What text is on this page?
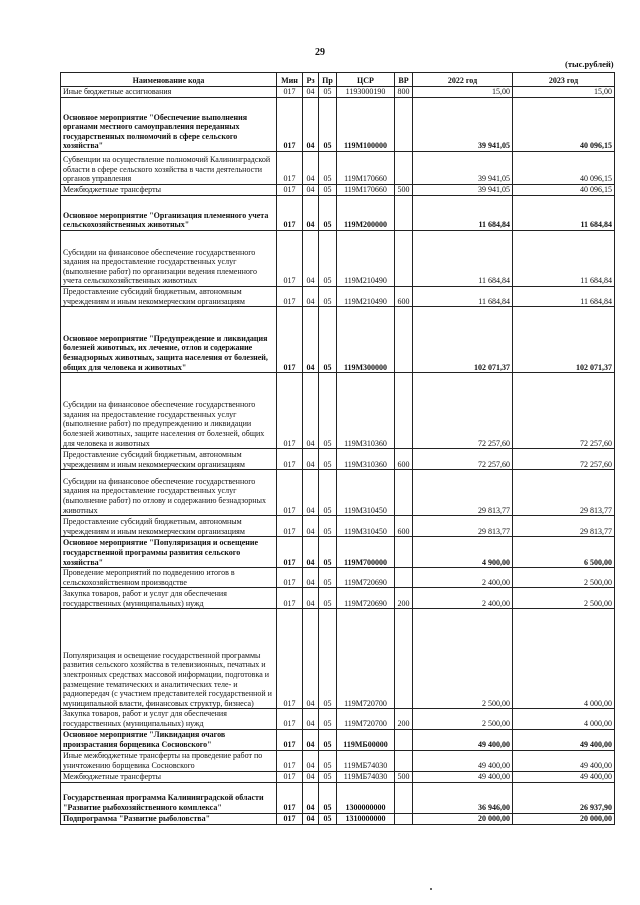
29
(тыс.рублей)
Наименование кода	Мин	Рз	Пр	ЦСР	ВР	2022 год	2023 год
Иные бюджетные ассигнования	017	04	05	1193000190	800	15,00	15,00
Основное мероприятие "Обеспечение выполнения органами местного самоуправления переданных государственных полномочий в сфере сельского хозяйства"	017	04	05	119М100000		39 941,05	40 096,15
Субвенции на осуществление полномочий Калининградской области в сфере сельского хозяйства в части деятельности органов управления	017	04	05	119М170660		39 941,05	40 096,15
Межбюджетные трансферты	017	04	05	119М170660	500	39 941,05	40 096,15
Основное мероприятие "Организация племенного учета сельскохозяйственных животных"	017	04	05	119М200000		11 684,84	11 684,84
Субсидии на финансовое обеспечение государственного задания на предоставление государственных услуг (выполнение работ) по организации ведения племенного учета сельскохозяйственных животных	017	04	05	119М210490		11 684,84	11 684,84
Предоставление субсидий бюджетным, автономным учреждениям и иным некоммерческим организациям	017	04	05	119М210490	600	11 684,84	11 684,84
Основное мероприятие "Предупреждение и ликвидация болезней животных, их лечение, отлов и содержание безнадзорных животных, защита населения от болезней, общих для человека и животных"	017	04	05	119М300000		102 071,37	102 071,37
Субсидии на финансовое обеспечение государственного задания на предоставление государственных услуг (выполнение работ) по предупреждению и ликвидации болезней животных, защите населения от болезней, общих для человека и животных	017	04	05	119М310360		72 257,60	72 257,60
Предоставление субсидий бюджетным, автономным учреждениям и иным некоммерческим организациям	017	04	05	119М310360	600	72 257,60	72 257,60
Субсидии на финансовое обеспечение государственного задания на предоставление государственных услуг (выполнение работ) по отлову и содержанию безнадзорных животных	017	04	05	119М310450		29 813,77	29 813,77
Предоставление субсидий бюджетным, автономным учреждениям и иным некоммерческим организациям	017	04	05	119М310450	600	29 813,77	29 813,77
Основное мероприятие "Популяризация и освещение государственной программы развития сельского хозяйства"	017	04	05	119М700000		4 900,00	6 500,00
Проведение мероприятий по подведению итогов в сельскохозяйственном производстве	017	04	05	119М720690		2 400,00	2 500,00
Закупка товаров, работ и услуг для обеспечения государственных (муниципальных) нужд	017	04	05	119М720690	200	2 400,00	2 500,00
Популяризация и освещение государственной программы развития сельского хозяйства в телевизионных, печатных и электронных средствах массовой информации, подготовка и размещение тематических и аналитических теле- и радиопередач (с участием представителей государственной и муниципальной власти, финансовых структур, бизнеса)	017	04	05	119М720700		2 500,00	4 000,00
Закупка товаров, работ и услуг для обеспечения государственных (муниципальных) нужд	017	04	05	119М720700	200	2 500,00	4 000,00
Основное мероприятие "Ликвидация очагов произрастания борщевика Сосновского"	017	04	05	119МБ00000		49 400,00	49 400,00
Иные межбюджетные трансферты на проведение работ по уничтожению борщевика Сосновского	017	04	05	119МБ74030		49 400,00	49 400,00
Межбюджетные трансферты	017	04	05	119МБ74030	500	49 400,00	49 400,00
Государственная программа Калининградской области "Развитие рыбохозяйственного комплекса"	017	04	05	1300000000		36 946,00	26 937,90
Подпрограмма "Развитие рыболовства"	017	04	05	1310000000		20 000,00	20 000,00
